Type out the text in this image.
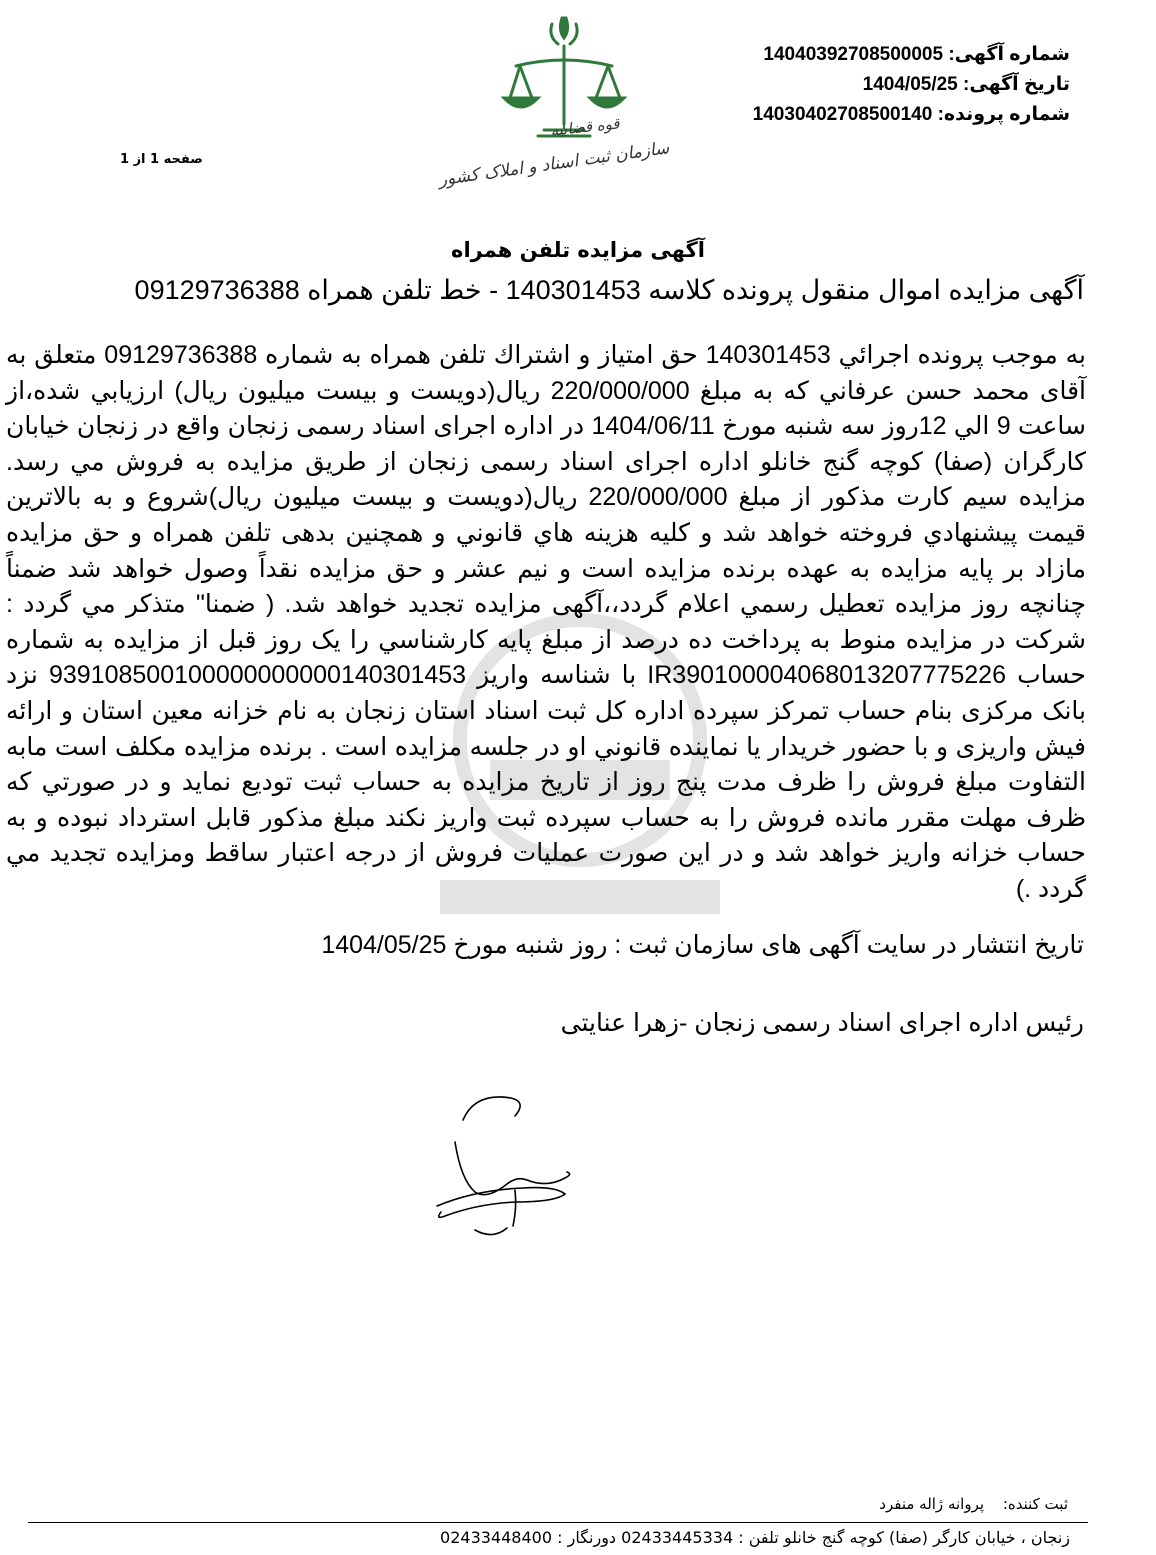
قوه قضاییه
سازمان ثبت اسناد و املاک کشور
شماره آگهی: 14040392708500005
تاریخ آگهی: 1404/05/25
شماره پرونده: 14030402708500140
صفحه 1 از 1
آگهی مزایده تلفن همراه
آگهی مزایده اموال منقول پرونده کلاسه 140301453 - خط تلفن همراه 09129736388
به موجب پرونده اجرائي 140301453 حق امتياز و اشتراك تلفن همراه به شماره 09129736388 متعلق به آقای محمد حسن عرفاني كه به مبلغ 220/000/000 ريال(دويست و بيست ميليون ريال) ارزيابي شده،از ساعت 9 الي 12روز سه شنبه مورخ 1404/06/11 در اداره اجرای اسناد رسمی زنجان واقع در زنجان خیابان کارگران (صفا) کوچه گنج خانلو اداره اجرای اسناد رسمی زنجان از طریق مزایده به فروش مي رسد. مزایده سيم كارت مذكور از مبلغ 220/000/000 ريال(دويست و بيست ميليون ريال)شروع و به بالاترين قيمت پيشنهادي فروخته خواهد شد و كليه هزينه هاي قانوني و همچنين بدهی تلفن همراه و حق مزايده مازاد بر پايه مزايده به عهده برنده مزايده است و نيم عشر و حق مزايده نقداً وصول خواهد شد ضمناً چنانچه روز مزايده تعطيل رسمي اعلام گردد،،آگهی مزایده تجدید خواهد شد. ( ضمنا" متذكر مي گردد : شركت در مزايده منوط به پرداخت ده درصد از مبلغ پايه كارشناسي را يک روز قبل از مزايده به شماره حساب IR390100004068013207775226 با شناسه واريز 939108500100000000000140301453 نزد بانک مرکزی بنام حساب تمرکز سپرده اداره کل ثبت اسناد استان زنجان به نام خزانه معین استان و ارائه فیش واریزی و با حضور خريدار يا نماينده قانوني او در جلسه مزايده است . برنده مزايده مكلف است مابه التفاوت مبلغ فروش را ظرف مدت پنج روز از تاريخ مزايده به حساب ثبت توديع نمايد و در صورتي كه ظرف مهلت مقرر مانده فروش را به حساب سپرده ثبت واريز نكند مبلغ مذكور قابل استرداد نبوده و به حساب خزانه واريز خواهد شد و در اين صورت عمليات فروش از درجه اعتبار ساقط ومزايده تجديد مي گردد .)
تاریخ انتشار در سایت آگهی های سازمان ثبت : روز شنبه مورخ 1404/05/25
رئیس اداره اجرای اسناد رسمی زنجان -زهرا عنایتی
ثبت کننده: پروانه ژاله منفرد
زنجان ، خیابان کارگر (صفا) کوچه گنج خانلو تلفن : 02433445334 دورنگار : 02433448400
